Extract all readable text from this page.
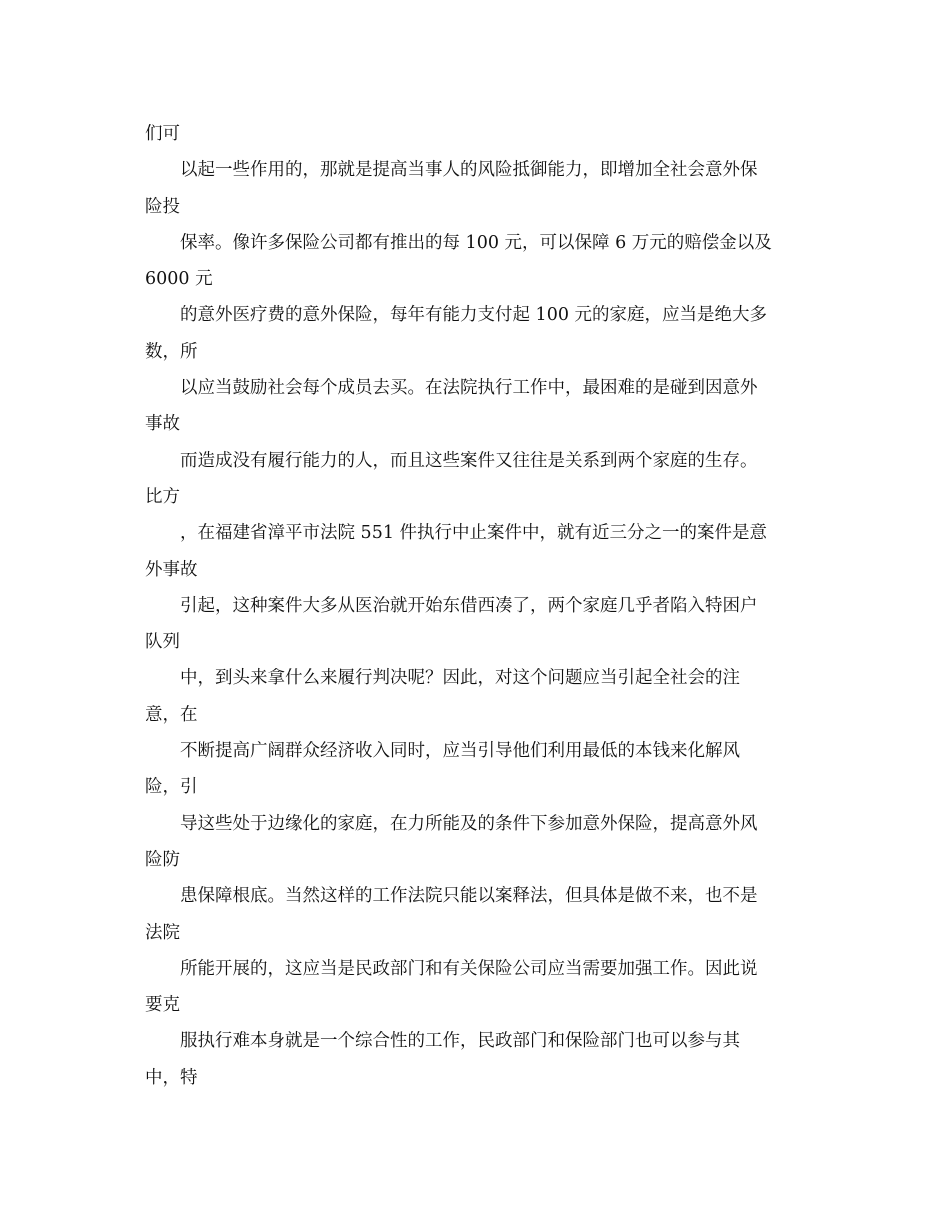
们可
以起一些作用的，那就是提高当事人的风险抵御能力，即增加全社会意外保
险投
保率。像许多保险公司都有推出的每 100 元，可以保障 6 万元的赔偿金以及
6000 元
的意外医疗费的意外保险，每年有能力支付起 100 元的家庭，应当是绝大多
数，所
以应当鼓励社会每个成员去买。在法院执行工作中，最困难的是碰到因意外
事故
而造成没有履行能力的人，而且这些案件又往往是关系到两个家庭的生存。
比方
，在福建省漳平市法院 551 件执行中止案件中，就有近三分之一的案件是意
外事故
引起，这种案件大多从医治就开始东借西凑了，两个家庭几乎者陷入特困户
队列
中，到头来拿什么来履行判决呢？因此，对这个问题应当引起全社会的注
意，在
不断提高广阔群众经济收入同时，应当引导他们利用最低的本钱来化解风
险，引
导这些处于边缘化的家庭，在力所能及的条件下参加意外保险，提高意外风
险防
患保障根底。当然这样的工作法院只能以案释法，但具体是做不来，也不是
法院
所能开展的，这应当是民政部门和有关保险公司应当需要加强工作。因此说
要克
服执行难本身就是一个综合性的工作，民政部门和保险部门也可以参与其
中，特
